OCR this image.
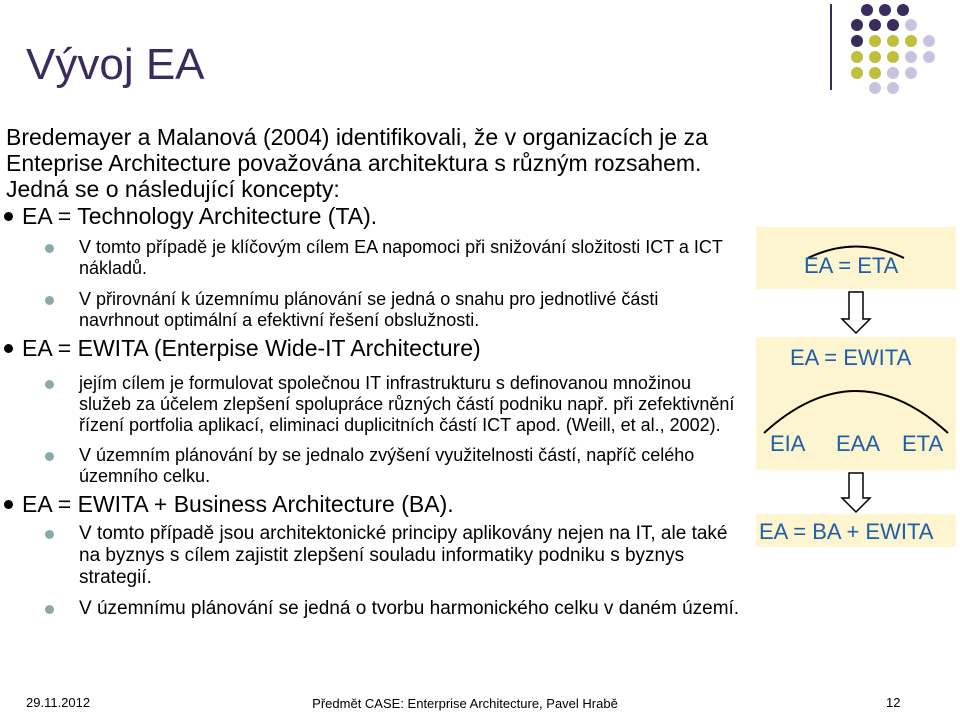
Vývoj EA

Bredemayer a Malanová (2004) identifikovali, že v organizacích je za Enteprise Architecture považována architektura s různým rozsahem. Jedná se o následující koncepty:

EA = Technology Architecture (TA).
V tomto případě je klíčovým cílem EA napomoci při snižování složitosti ICT a ICT nákladů.
V přirovnání k územnímu plánování se jedná o snahu pro jednotlivé části navrhnout optimální a efektivní řešení obslužnosti.
EA = EWITA (Enterpise Wide-IT Architecture)
jejím cílem je formulovat společnou IT infrastrukturu s definovanou množinou služeb za účelem zlepšení spolupráce různých částí podniku např. při zefektivnění řízení portfolia aplikací, eliminaci duplicitních částí ICT apod. (Weill, et al., 2002).
V územním plánování by se jednalo zvýšení využitelnosti částí, napříč celého územního celku.
EA = EWITA + Business Architecture (BA).
V tomto případě jsou architektonické principy aplikovány nejen na IT, ale také na byznys s cílem zajistit zlepšení souladu informatiky podniku s byznys strategií.
V územnímu plánování se jedná o tvorbu harmonického celku v daném území.
EA = ETA
EA = EWITA
EIA EAA ETA
EA = BA + EWITA
29.11.2012	Předmět CASE: Enterprise Architecture, Pavel Hrabě	12
